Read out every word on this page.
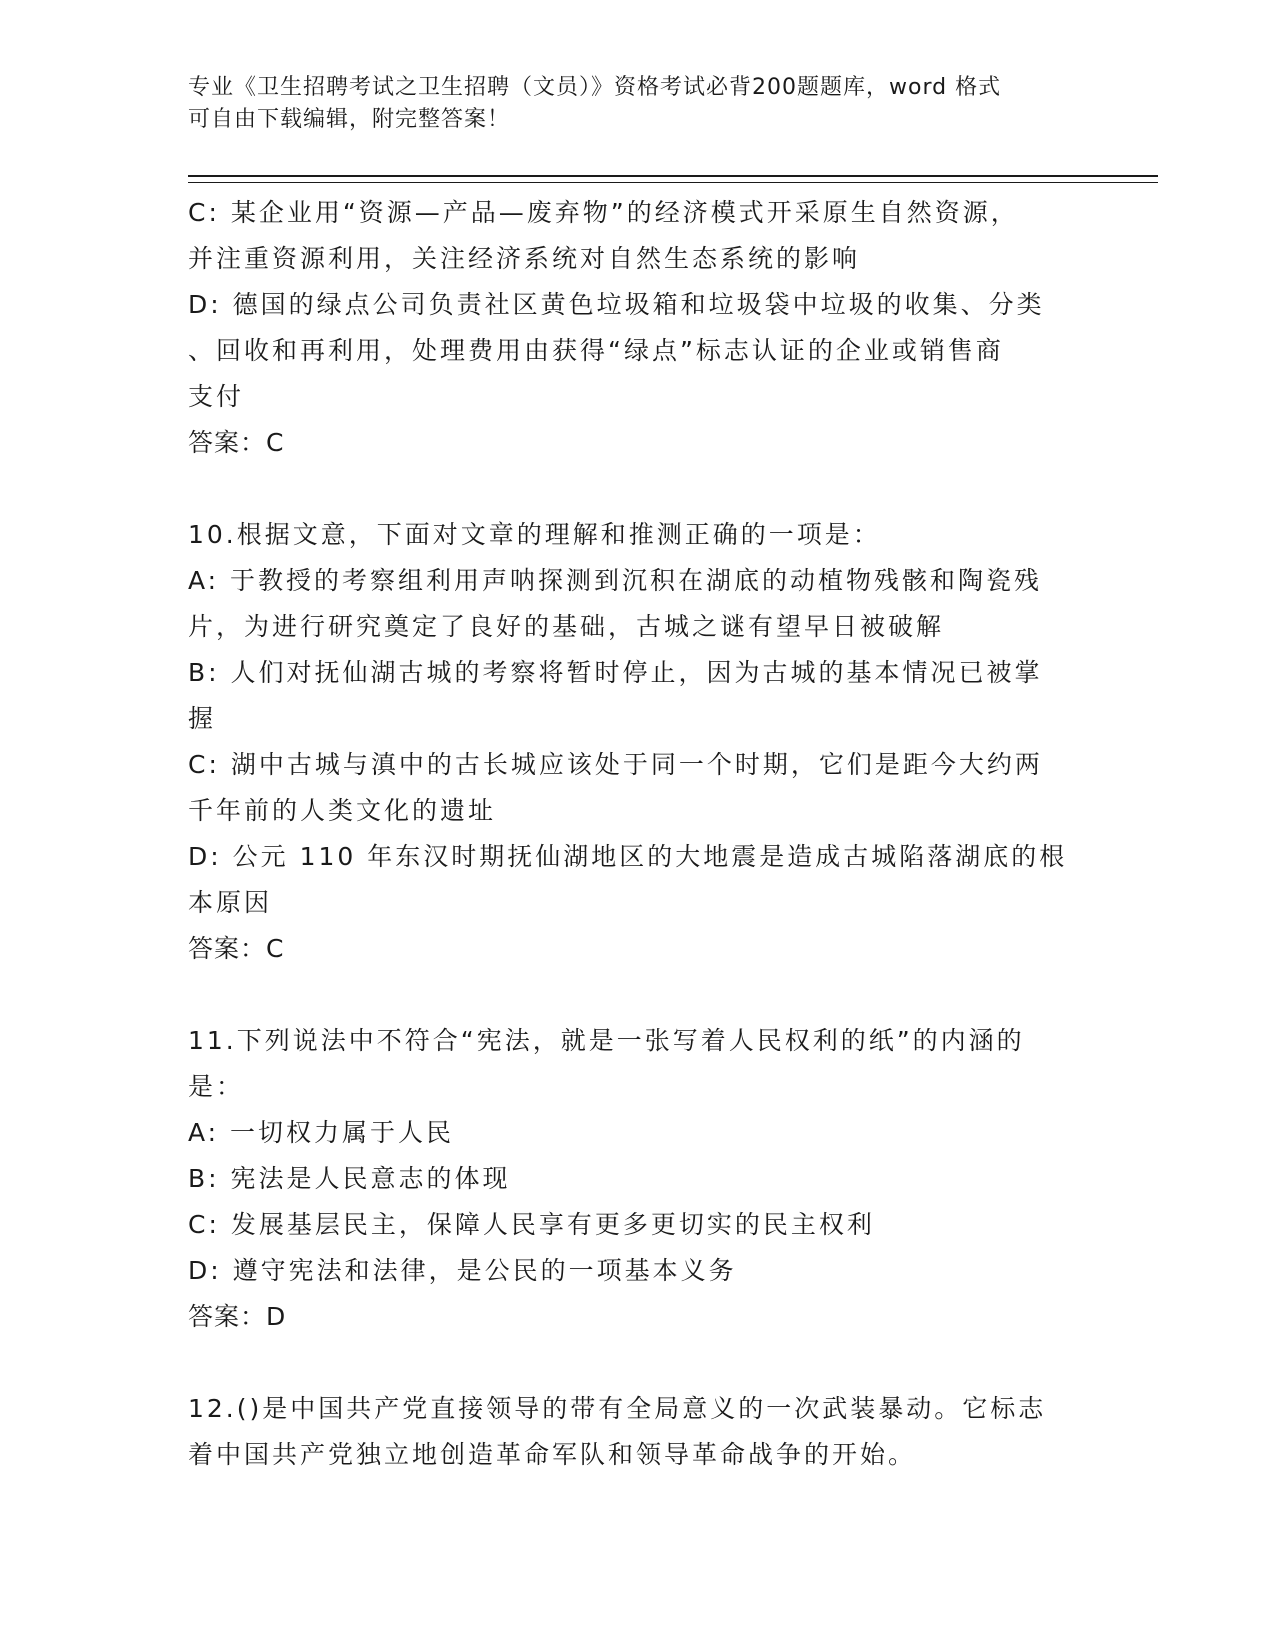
专业《卫生招聘考试之卫生招聘（文员）》资格考试必背200题题库，word 格式
可自由下载编辑，附完整答案！
C: 某企业用“资源—产品—废弃物”的经济模式开采原生自然资源，
并注重资源利用，关注经济系统对自然生态系统的影响
D: 德国的绿点公司负责社区黄色垃圾箱和垃圾袋中垃圾的收集、分类
、回收和再利用，处理费用由获得“绿点”标志认证的企业或销售商
支付
答案：C
10.根据文意，下面对文章的理解和推测正确的一项是：
A: 于教授的考察组利用声呐探测到沉积在湖底的动植物残骸和陶瓷残
片，为进行研究奠定了良好的基础，古城之谜有望早日被破解
B: 人们对抚仙湖古城的考察将暂时停止，因为古城的基本情况已被掌
握
C: 湖中古城与滇中的古长城应该处于同一个时期，它们是距今大约两
千年前的人类文化的遗址
D: 公元 110 年东汉时期抚仙湖地区的大地震是造成古城陷落湖底的根
本原因
答案：C
11.下列说法中不符合“宪法，就是一张写着人民权利的纸”的内涵的
是：
A: 一切权力属于人民
B: 宪法是人民意志的体现
C: 发展基层民主，保障人民享有更多更切实的民主权利
D: 遵守宪法和法律，是公民的一项基本义务
答案：D
12.()是中国共产党直接领导的带有全局意义的一次武装暴动。它标志
着中国共产党独立地创造革命军队和领导革命战争的开始。
